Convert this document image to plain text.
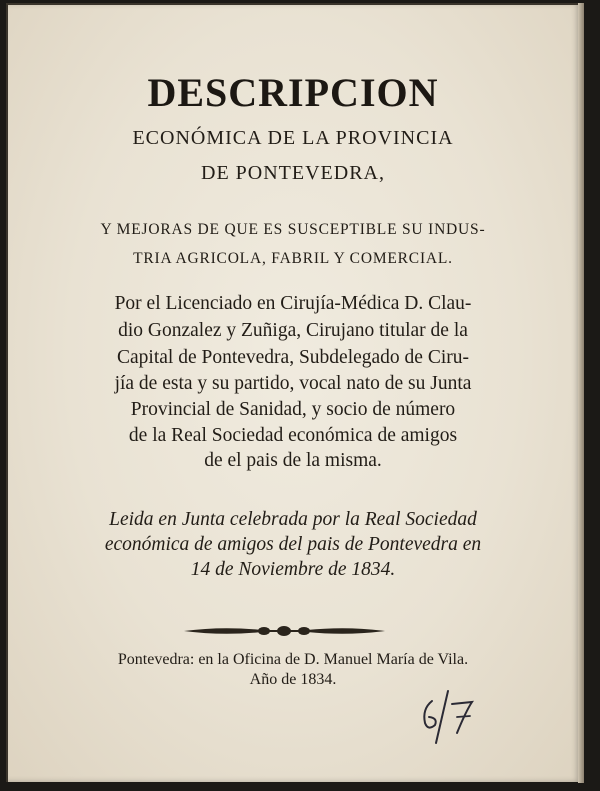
DESCRIPCION
ECONÓMICA DE LA PROVINCIA
DE PONTEVEDRA,
Y MEJORAS DE QUE ES SUSCEPTIBLE SU INDUS-
TRIA AGRICOLA, FABRIL Y COMERCIAL.
Por el Licenciado en Cirujía-Médica D. Clau-
dio Gonzalez y Zuñiga, Cirujano titular de la
Capital de Pontevedra, Subdelegado de Ciru-
jía de esta y su partido, vocal nato de su Junta
Provincial de Sanidad, y socio de número
de la Real Sociedad económica de amigos
de el pais de la misma.
Leida en Junta celebrada por la Real Sociedad
económica de amigos del pais de Pontevedra en
14 de Noviembre de 1834.
Pontevedra: en la Oficina de D. Manuel María de Vila.
Año de 1834.
